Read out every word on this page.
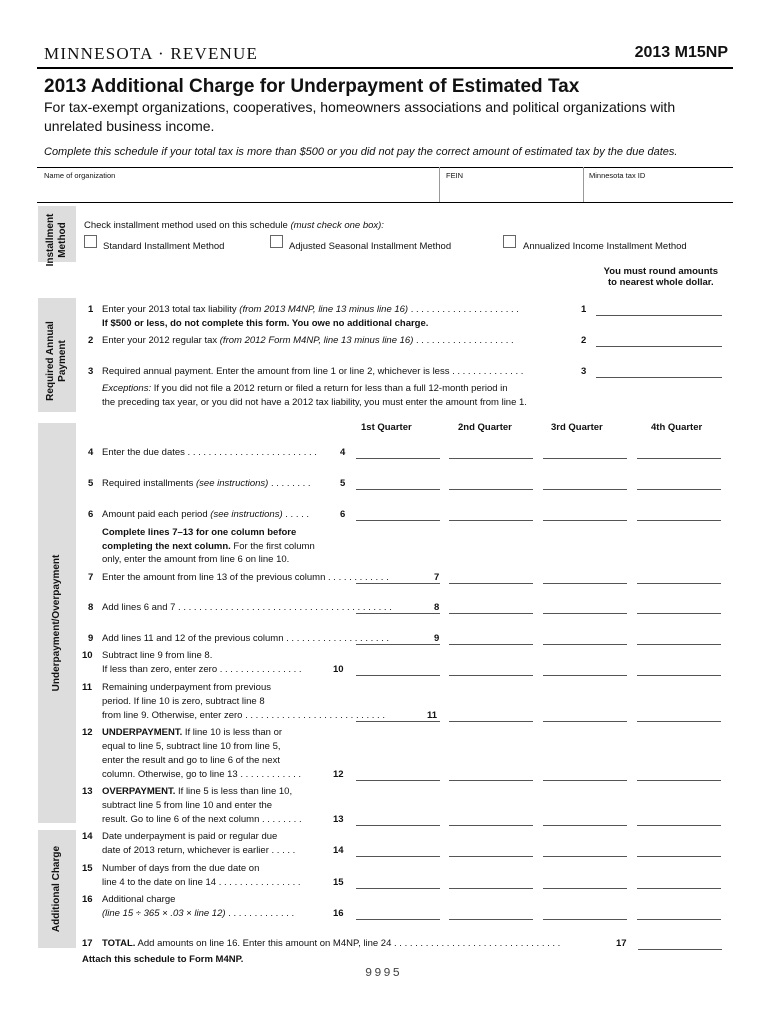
MINNESOTA · REVENUE	2013 M15NP
2013 Additional Charge for Underpayment of Estimated Tax
For tax-exempt organizations, cooperatives, homeowners associations and political organizations with unrelated business income.
Complete this schedule if your total tax is more than $500 or you did not pay the correct amount of estimated tax by the due dates.
Name of organization	FEIN	Minnesota tax ID
Installment Method
Required Annual Payment
Underpayment/Overpayment
Additional Charge
Check installment method used on this schedule (must check one box):
Standard Installment Method	Adjusted Seasonal Installment Method	Annualized Income Installment Method
You must round amounts
to nearest whole dollar.
1 Enter your 2013 total tax liability (from 2013 M4NP, line 13 minus line 16) . . . . . . . . . . . . . . . . . . . . .	1
If $500 or less, do not complete this form. You owe no additional charge.
2 Enter your 2012 regular tax (from 2012 Form M4NP, line 13 minus line 16) . . . . . . . . . . . . . . . . . . .	2
3 Required annual payment. Enter the amount from line 1 or line 2, whichever is less . . . . . . . . . . . . . .	3
Exceptions: If you did not file a 2012 return or filed a return for less than a full 12-month period in
the preceding tax year, or you did not have a 2012 tax liability, you must enter the amount from line 1.
1st Quarter	2nd Quarter	3rd Quarter	4th Quarter
4 Enter the due dates . . . . . . . . . . . . . . . . . . . . . . . . . 4
5 Required installments (see instructions) . . . . . . . .	5
6 Amount paid each period (see instructions) . . . . .	6
Complete lines 7–13 for one column before
completing the next column. For the first column
only, enter the amount from line 6 on line 10.
7 Enter the amount from line 13 of the previous column . . . . . . . . . . . .	7
8 Add lines 6 and 7 . . . . . . . . . . . . . . . . . . . . . . . . . . . . . . . . . . . . . . . . .	8
9 Add lines 11 and 12 of the previous column . . . . . . . . . . . . . . . . . . . .	9
10 Subtract line 9 from line 8.
If less than zero, enter zero . . . . . . . . . . . . . . . .	10
11 Remaining underpayment from previous
period. If line 10 is zero, subtract line 8
from line 9. Otherwise, enter zero . . . . . . . . . . . . . . . . . . . . . . . . . . .	11
12 UNDERPAYMENT. If line 10 is less than or
equal to line 5, subtract line 10 from line 5,
enter the result and go to line 6 of the next
column. Otherwise, go to line 13 . . . . . . . . . . . .	12
13 OVERPAYMENT. If line 5 is less than line 10,
subtract line 5 from line 10 and enter the
result. Go to line 6 of the next column . . . . . . . .	13
14 Date underpayment is paid or regular due
date of 2013 return, whichever is earlier . . . . .	14
15 Number of days from the due date on
line 4 to the date on line 14 . . . . . . . . . . . . . . . .	15
16 Additional charge
(line 15 ÷ 365 × .03 × line 12) . . . . . . . . . . . . .	16
17 TOTAL. Add amounts on line 16. Enter this amount on M4NP, line 24 . . . . . . . . . . . . . . . . . . . . . . . . . . . . . . . .	17
Attach this schedule to Form M4NP.
9995
